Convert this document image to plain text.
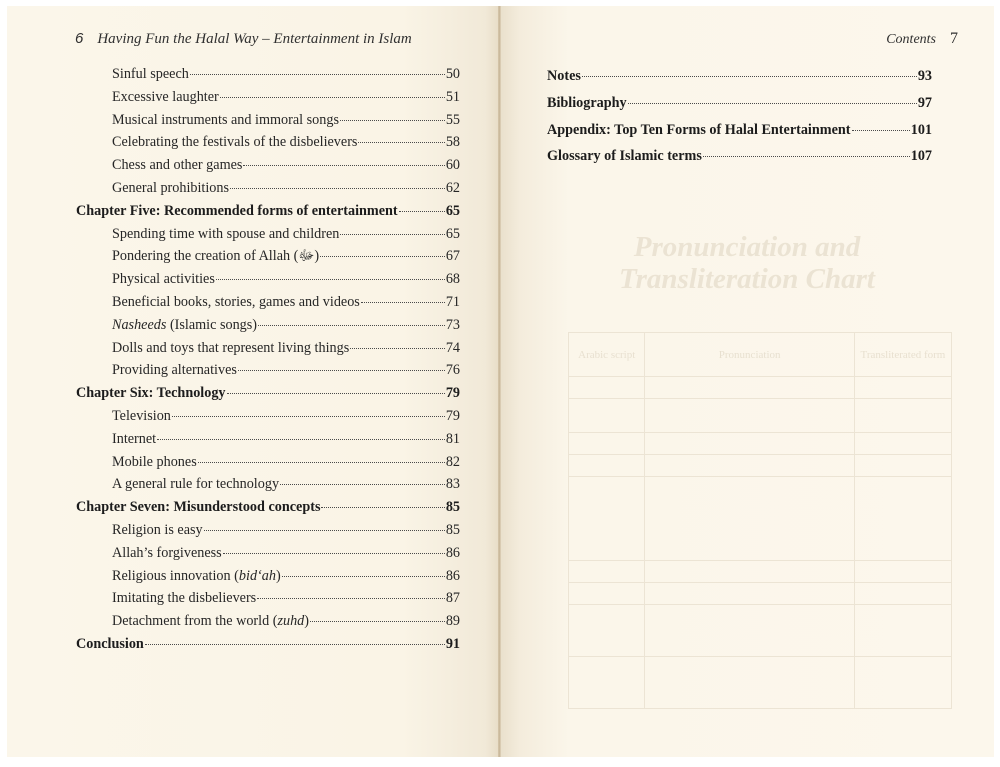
6 Having Fun the Halal Way – Entertainment in Islam
Sinful speech	50
Excessive laughter	51
Musical instruments and immoral songs	55
Celebrating the festivals of the disbelievers	58
Chess and other games	60
General prohibitions	62
Chapter Five: Recommended forms of entertainment	65
Spending time with spouse and children	65
Pondering the creation of Allah (ﷻ)	67
Physical activities	68
Beneficial books, stories, games and videos	71
Nasheeds (Islamic songs)	73
Dolls and toys that represent living things	74
Providing alternatives	76
Chapter Six: Technology	79
Television	79
Internet	81
Mobile phones	82
A general rule for technology	83
Chapter Seven: Misunderstood concepts	85
Religion is easy	85
Allah’s forgiveness	86
Religious innovation (bid‘ah)	86
Imitating the disbelievers	87
Detachment from the world (zuhd)	89
Conclusion	91
Contents 7
Notes	93
Bibliography	97
Appendix: Top Ten Forms of Halal Entertainment	101
Glossary of Islamic terms	107
Pronunciation and Transliteration Chart
Arabic script	Pronunciation	Transliterated form
